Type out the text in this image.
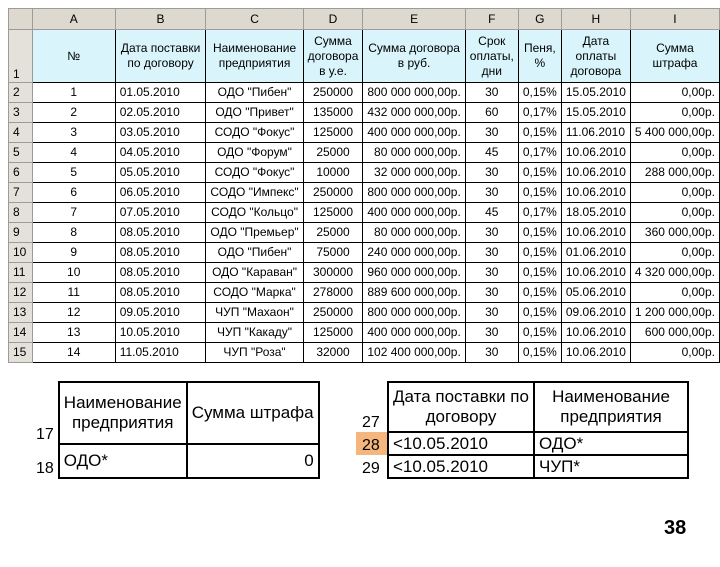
	A	B	C	D	E	F	G	H	I
1	№	Дата поставки по договору	Наименование предприятия	Сумма договора в у.е.	Сумма договора в руб.	Срок оплаты, дни	Пеня, %	Дата оплаты договора	Сумма штрафа
2	1	01.05.2010	ОДО "Пибен"	250000	800 000 000,00р.	30	0,15%	15.05.2010	0,00р.
3	2	02.05.2010	ОДО "Привет"	135000	432 000 000,00р.	60	0,17%	15.05.2010	0,00р.
4	3	03.05.2010	СОДО "Фокус"	125000	400 000 000,00р.	30	0,15%	11.06.2010	5 400 000,00р.
5	4	04.05.2010	ОДО "Форум"	25000	80 000 000,00р.	45	0,17%	10.06.2010	0,00р.
6	5	05.05.2010	СОДО "Фокус"	10000	32 000 000,00р.	30	0,15%	10.06.2010	288 000,00р.
7	6	06.05.2010	СОДО "Импекс"	250000	800 000 000,00р.	30	0,15%	10.06.2010	0,00р.
8	7	07.05.2010	СОДО "Кольцо"	125000	400 000 000,00р.	45	0,17%	18.05.2010	0,00р.
9	8	08.05.2010	ОДО "Премьер"	25000	80 000 000,00р.	30	0,15%	10.06.2010	360 000,00р.
10	9	08.05.2010	ОДО "Пибен"	75000	240 000 000,00р.	30	0,15%	01.06.2010	0,00р.
11	10	08.05.2010	ОДО "Караван"	300000	960 000 000,00р.	30	0,15%	10.06.2010	4 320 000,00р.
12	11	08.05.2010	СОДО "Марка"	278000	889 600 000,00р.	30	0,15%	05.06.2010	0,00р.
13	12	09.05.2010	ЧУП "Махаон"	250000	800 000 000,00р.	30	0,15%	09.06.2010	1 200 000,00р.
14	13	10.05.2010	ЧУП "Какаду"	125000	400 000 000,00р.	30	0,15%	10.06.2010	600 000,00р.
15	14	11.05.2010	ЧУП "Роза"	32000	102 400 000,00р.	30	0,15%	10.06.2010	0,00р.
17	Наименование предприятия	Сумма штрафа
18	ОДО*	0
27	Дата поставки по договору	Наименование предприятия
28	<10.05.2010	ОДО*
29	<10.05.2010	ЧУП*
38
